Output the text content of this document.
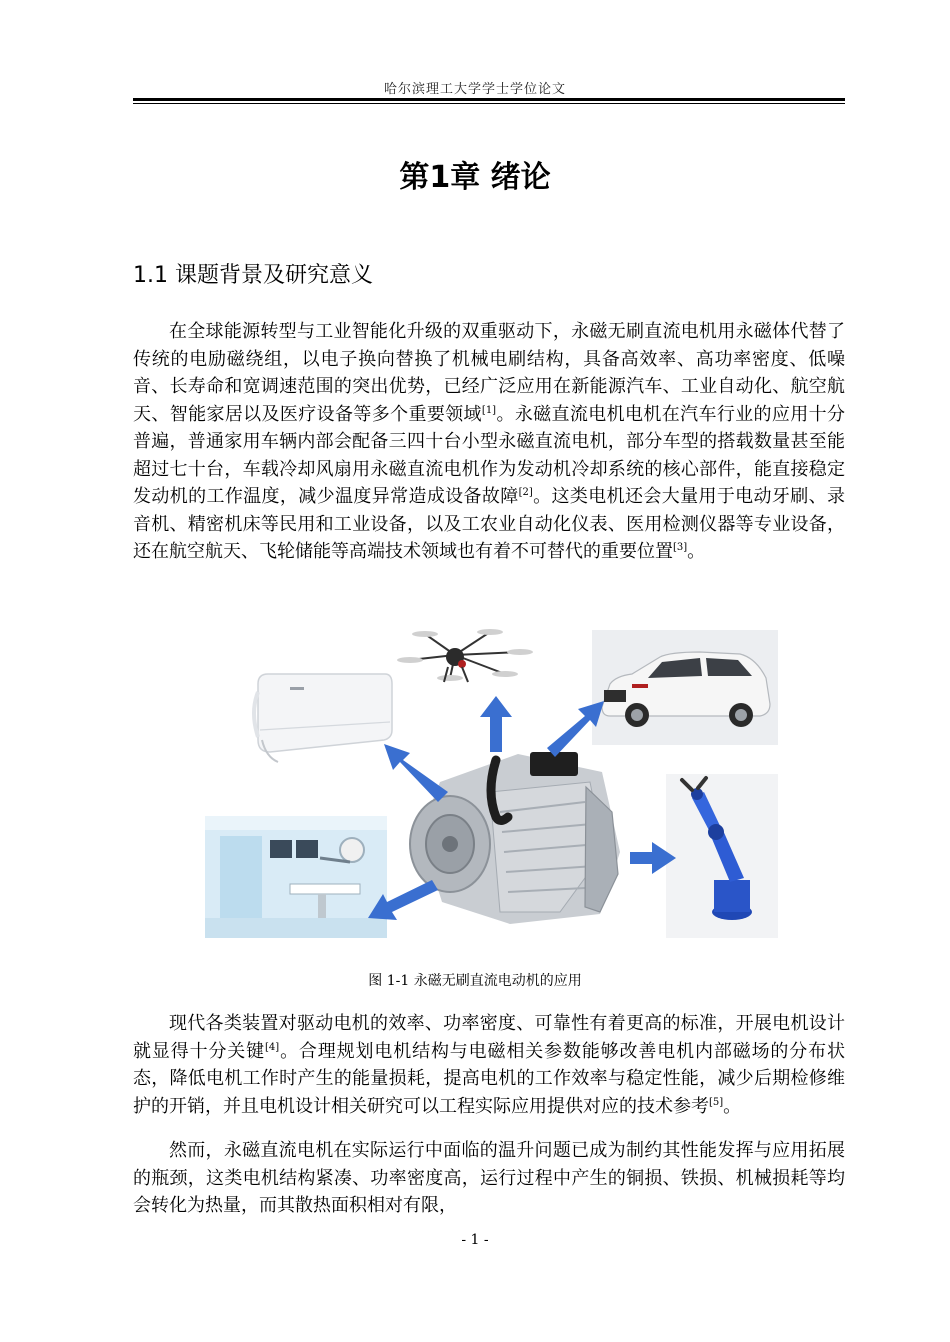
哈尔滨理工大学学士学位论文
第1章 绪论
1.1 课题背景及研究意义

在全球能源转型与工业智能化升级的双重驱动下，永磁无刷直流电机用永磁体代替了传统的电励磁绕组，以电子换向替换了机械电刷结构，具备高效率、高功率密度、低噪音、长寿命和宽调速范围的突出优势，已经广泛应用在新能源汽车、工业自动化、航空航天、智能家居以及医疗设备等多个重要领域[1]。永磁直流电机电机在汽车行业的应用十分普遍，普通家用车辆内部会配备三四十台小型永磁直流电机，部分车型的搭载数量甚至能超过七十台，车载冷却风扇用永磁直流电机作为发动机冷却系统的核心部件，能直接稳定发动机的工作温度，减少温度异常造成设备故障[2]。这类电机还会大量用于电动牙刷、录音机、精密机床等民用和工业设备，以及工农业自动化仪表、医用检测仪器等专业设备，还在航空航天、飞轮储能等高端技术领域也有着不可替代的重要位置[3]。

图 1-1 永磁无刷直流电动机的应用

现代各类装置对驱动电机的效率、功率密度、可靠性有着更高的标准，开展电机设计就显得十分关键[4]。合理规划电机结构与电磁相关参数能够改善电机内部磁场的分布状态，降低电机工作时产生的能量损耗，提高电机的工作效率与稳定性能，减少后期检修维护的开销，并且电机设计相关研究可以工程实际应用提供对应的技术参考[5]。

然而，永磁直流电机在实际运行中面临的温升问题已成为制约其性能发挥与应用拓展的瓶颈，这类电机结构紧凑、功率密度高，运行过程中产生的铜损、铁损、机械损耗等均会转化为热量，而其散热面积相对有限，

- 1 -
